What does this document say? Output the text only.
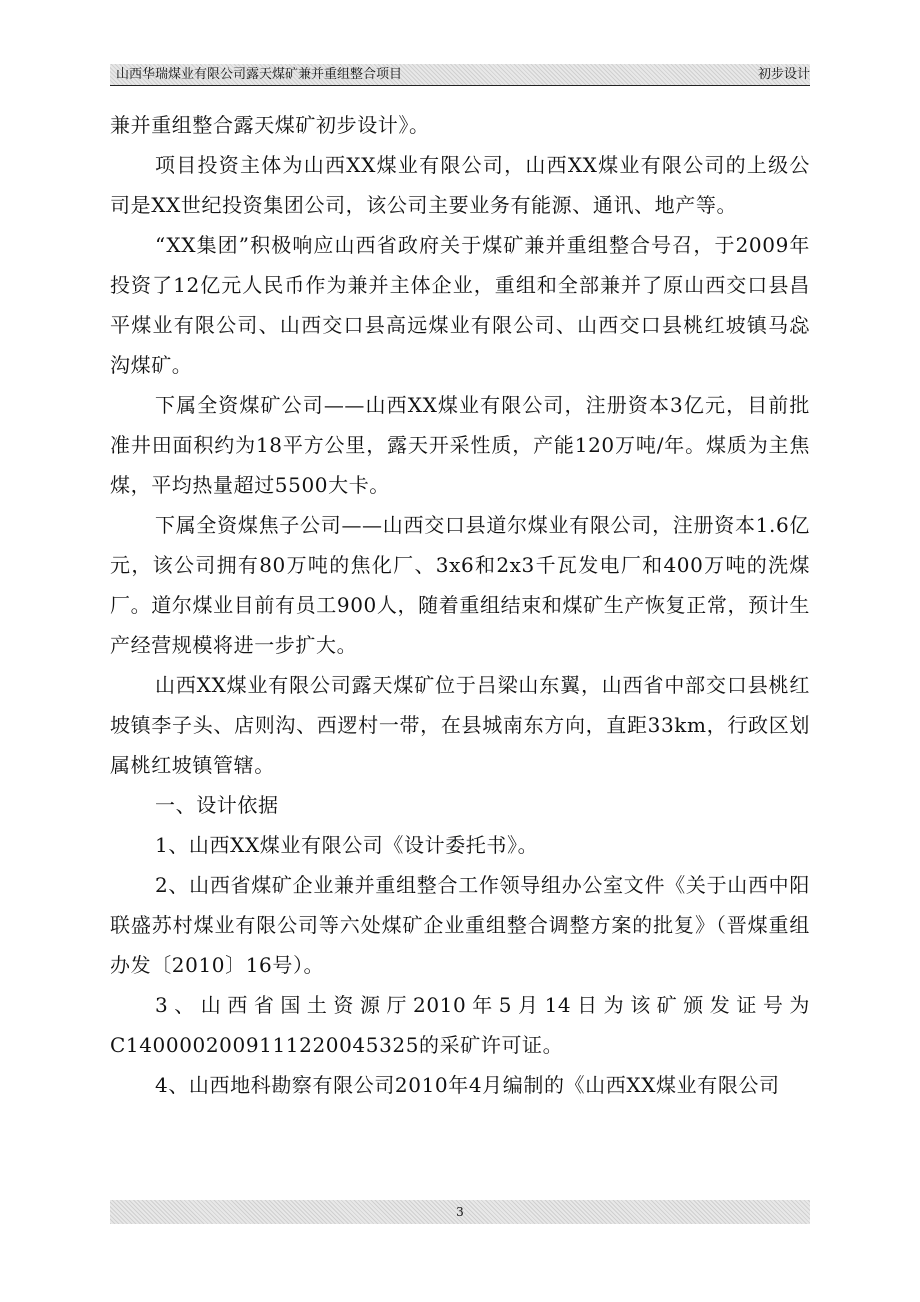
山西华瑞煤业有限公司露天煤矿兼并重组整合项目	初步设计

兼并重组整合露天煤矿初步设计》。

项目投资主体为山西XX煤业有限公司，山西XX煤业有限公司的上级公司是XX世纪投资集团公司，该公司主要业务有能源、通讯、地产等。

“XX集团”积极响应山西省政府关于煤矿兼并重组整合号召，于2009年投资了12亿元人民币作为兼并主体企业，重组和全部兼并了原山西交口县昌平煤业有限公司、山西交口县高远煤业有限公司、山西交口县桃红坡镇马惢沟煤矿。

下属全资煤矿公司——山西XX煤业有限公司，注册资本3亿元，目前批准井田面积约为18平方公里，露天开采性质，产能120万吨/年。煤质为主焦煤，平均热量超过5500大卡。

下属全资煤焦子公司——山西交口县道尔煤业有限公司，注册资本1.6亿元，该公司拥有80万吨的焦化厂、3x6和2x3千瓦发电厂和400万吨的洗煤厂。道尔煤业目前有员工900人，随着重组结束和煤矿生产恢复正常，预计生产经营规模将进一步扩大。

山西XX煤业有限公司露天煤矿位于吕梁山东翼，山西省中部交口县桃红坡镇李子头、店则沟、西逻村一带，在县城南东方向，直距33km，行政区划属桃红坡镇管辖。

一、设计依据

1、山西XX煤业有限公司《设计委托书》。

2、山西省煤矿企业兼并重组整合工作领导组办公室文件《关于山西中阳联盛苏村煤业有限公司等六处煤矿企业重组整合调整方案的批复》（晋煤重组办发〔2010〕16号）。

3、山西省国土资源厅2010年5月14日为该矿颁发证号为C1400002009111220045325的采矿许可证。

4、山西地科勘察有限公司2010年4月编制的《山西XX煤业有限公司

3
